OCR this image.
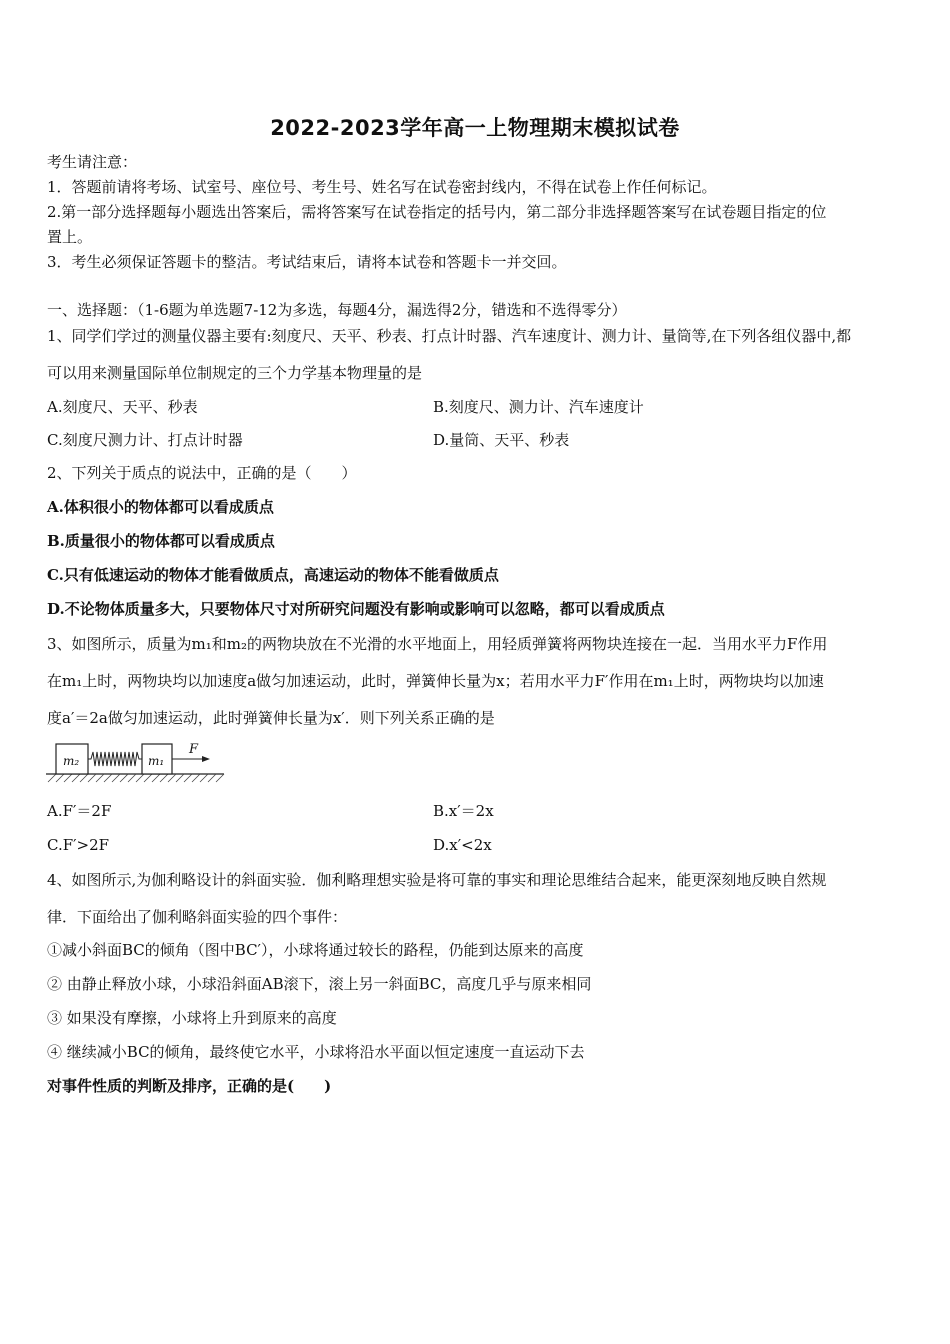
2022-2023学年高一上物理期末模拟试卷
考生请注意：
1．答题前请将考场、试室号、座位号、考生号、姓名写在试卷密封线内，不得在试卷上作任何标记。
2.第一部分选择题每小题选出答案后，需将答案写在试卷指定的括号内，第二部分非选择题答案写在试卷题目指定的位
置上。
3．考生必须保证答题卡的整洁。考试结束后，请将本试卷和答题卡一并交回。
一、选择题：（1-6题为单选题7-12为多选，每题4分，漏选得2分，错选和不选得零分）
1、同学们学过的测量仪器主要有:刻度尺、天平、秒表、打点计时器、汽车速度计、测力计、量筒等,在下列各组仪器中,都
可以用来测量国际单位制规定的三个力学基本物理量的是
A.刻度尺、天平、秒表	B.刻度尺、测力计、汽车速度计
C.刻度尺测力计、打点计时器	D.量筒、天平、秒表
2、下列关于质点的说法中，正确的是（　　）
A.体积很小的物体都可以看成质点
B.质量很小的物体都可以看成质点
C.只有低速运动的物体才能看做质点，高速运动的物体不能看做质点
D.不论物体质量多大，只要物体尺寸对所研究问题没有影响或影响可以忽略，都可以看成质点
3、如图所示，质量为m₁和m₂的两物块放在不光滑的水平地面上，用轻质弹簧将两物块连接在一起．当用水平力F作用
在m₁上时，两物块均以加速度a做匀加速运动，此时，弹簧伸长量为x；若用水平力F′作用在m₁上时，两物块均以加速
度a′＝2a做匀加速运动，此时弹簧伸长量为x′．则下列关系正确的是
m₂	m₁
F
A.F′＝2F	B.x′＝2x
C.F′>2F	D.x′<2x
4、如图所示,为伽利略设计的斜面实验．伽利略理想实验是将可靠的事实和理论思维结合起来，能更深刻地反映自然规
律．下面给出了伽利略斜面实验的四个事件：
①减小斜面BC的倾角（图中BC′），小球将通过较长的路程，仍能到达原来的高度
② 由静止释放小球，小球沿斜面AB滚下，滚上另一斜面BC，高度几乎与原来相同
③ 如果没有摩擦，小球将上升到原来的高度
④ 继续减小BC的倾角，最终使它水平，小球将沿水平面以恒定速度一直运动下去
对事件性质的判断及排序，正确的是(　　)
